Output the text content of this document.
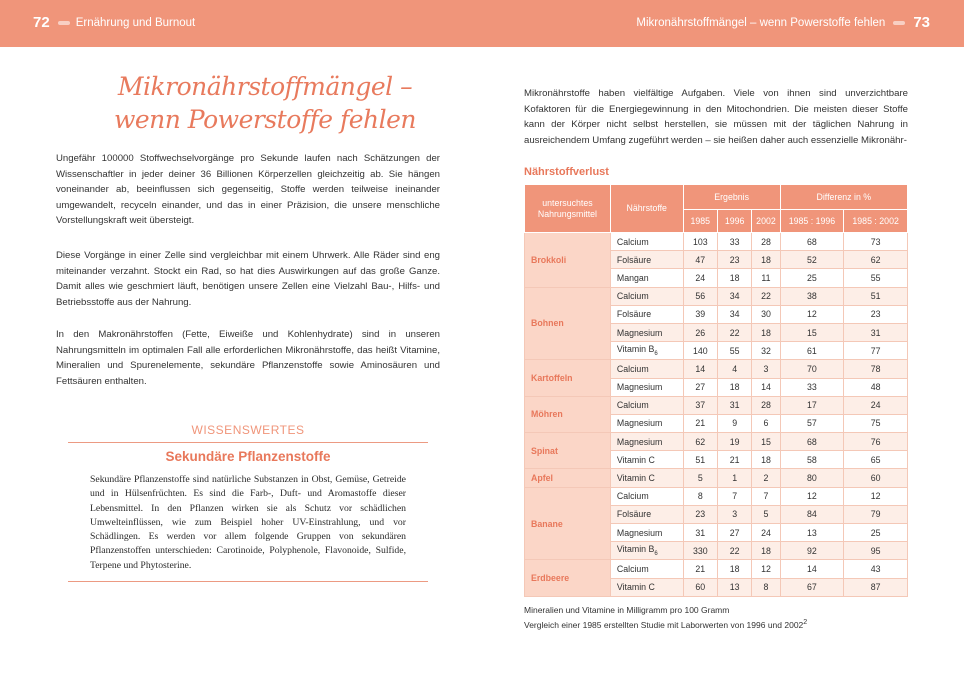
72 Ernährung und Burnout	Mikronährstoffmängel – wenn Powerstoffe fehlen 73
Mikronährstoffmängel –
wenn Powerstoffe fehlen

Ungefähr 100000 Stoffwechselvorgänge pro Sekunde laufen nach Schätzungen der Wissenschaftler in jeder deiner 36 Billionen Körperzellen gleichzeitig ab. Sie hängen voneinander ab, beeinflussen sich gegenseitig, Stoffe werden teilweise ineinander umgewandelt, recyceln einander, und das in einer Präzision, die unsere menschliche Vorstellungskraft weit übersteigt.

Diese Vorgänge in einer Zelle sind vergleichbar mit einem Uhrwerk. Alle Räder sind eng miteinander verzahnt. Stockt ein Rad, so hat dies Auswirkungen auf das große Ganze. Damit alles wie geschmiert läuft, benötigen unsere Zellen eine Vielzahl Bau-, Hilfs- und Betriebsstoffe aus der Nahrung.

In den Makronährstoffen (Fette, Eiweiße und Kohlenhydrate) sind in unseren Nahrungsmitteln im optimalen Fall alle erforderlichen Mikronährstoffe, das heißt Vitamine, Mineralien und Spurenelemente, sekundäre Pflanzenstoffe sowie Aminosäuren und Fettsäuren enthalten.

WISSENSWERTES
Sekundäre Pflanzenstoffe

Sekundäre Pflanzenstoffe sind natürliche Substanzen in Obst, Gemüse, Getreide und in Hülsenfrüchten. Es sind die Farb-, Duft- und Aromastoffe dieser Lebensmittel. In den Pflanzen wirken sie als Schutz vor schädlichen Umwelteinflüssen, wie zum Beispiel hoher UV-Einstrahlung, und vor Schädlingen. Es werden vor allem folgende Gruppen von sekundären Pflanzenstoffen unterschieden: Carotinoide, Polyphenole, Flavonoide, Sulfide, Terpene und Phytosterine.

Mikronährstoffe haben vielfältige Aufgaben. Viele von ihnen sind unverzichtbare Kofaktoren für die Energiegewinnung in den Mitochondrien. Die meisten dieser Stoffe kann der Körper nicht selbst herstellen, sie müssen mit der täglichen Nahrung in ausreichendem Umfang zugeführt werden – sie heißen daher auch essenzielle Mikronähr-

Nährstoffverlust
untersuchtes Nahrungsmittel	Nährstoffe	Ergebnis			Differenz in %	
		1985	1996	2002	1985 : 1996	1985 : 2002
Brokkoli	Calcium	103	33	28	68	73
	Folsäure	47	23	18	52	62
	Mangan	24	18	11	25	55
Bohnen	Calcium	56	34	22	38	51
	Folsäure	39	34	30	12	23
	Magnesium	26	22	18	15	31
	Vitamin $B_6$	140	55	32	61	77
Kartoffeln	Calcium	14	4	3	70	78
	Magnesium	27	18	14	33	48
Möhren	Calcium	37	31	28	17	24
	Magnesium	21	9	6	57	75
Spinat	Magnesium	62	19	15	68	76
	Vitamin C	51	21	18	58	65
Apfel	Vitamin C	5	1	2	80	60
Banane	Calcium	8	7	7	12	12
	Folsäure	23	3	5	84	79
	Magnesium	31	27	24	13	25
	Vitamin $B_6$	330	22	18	92	95
Erdbeere	Calcium	21	18	12	14	43
	Vitamin C	60	13	8	67	87
Mineralien und Vitamine in Milligramm pro 100 Gramm
Vergleich einer 1985 erstellten Studie mit Laborwerten von 1996 und 2002$^2$
